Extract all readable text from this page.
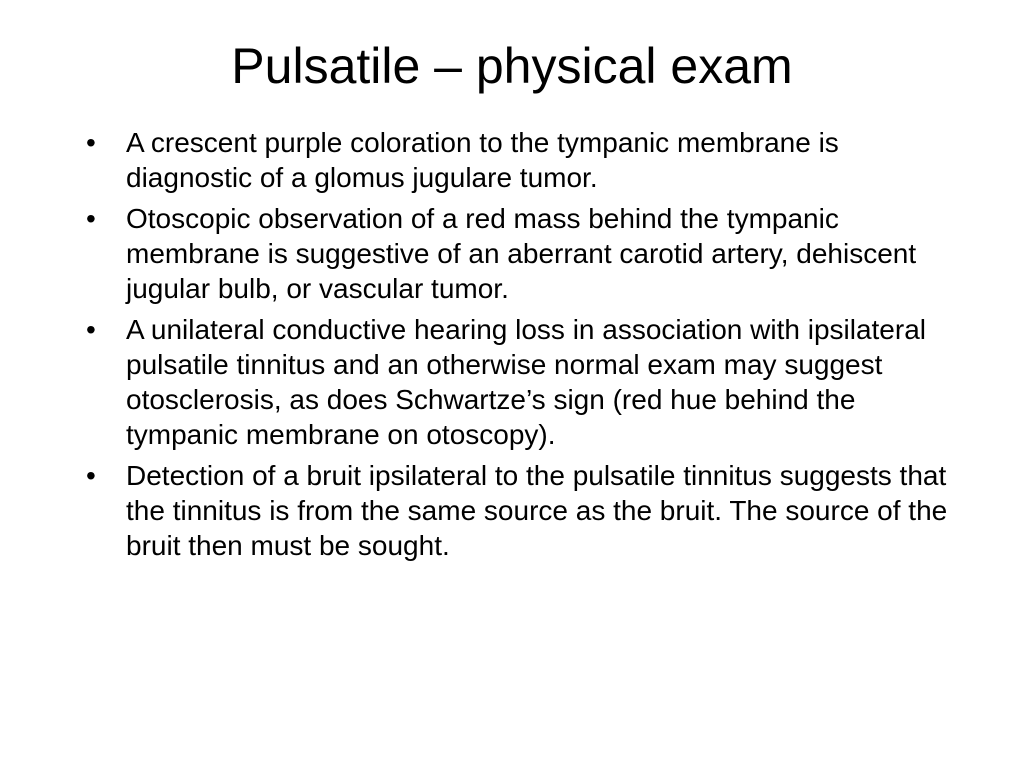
Pulsatile – physical exam
• A crescent purple coloration to the tympanic membrane is diagnostic of a glomus jugulare tumor.
• Otoscopic observation of a red mass behind the tympanic membrane is suggestive of an aberrant carotid artery, dehiscent jugular bulb, or vascular tumor.
• A unilateral conductive hearing loss in association with ipsilateral pulsatile tinnitus and an otherwise normal exam may suggest otosclerosis, as does Schwartze’s sign (red hue behind the tympanic membrane on otoscopy).
• Detection of a bruit ipsilateral to the pulsatile tinnitus suggests that the tinnitus is from the same source as the bruit. The source of the bruit then must be sought.
